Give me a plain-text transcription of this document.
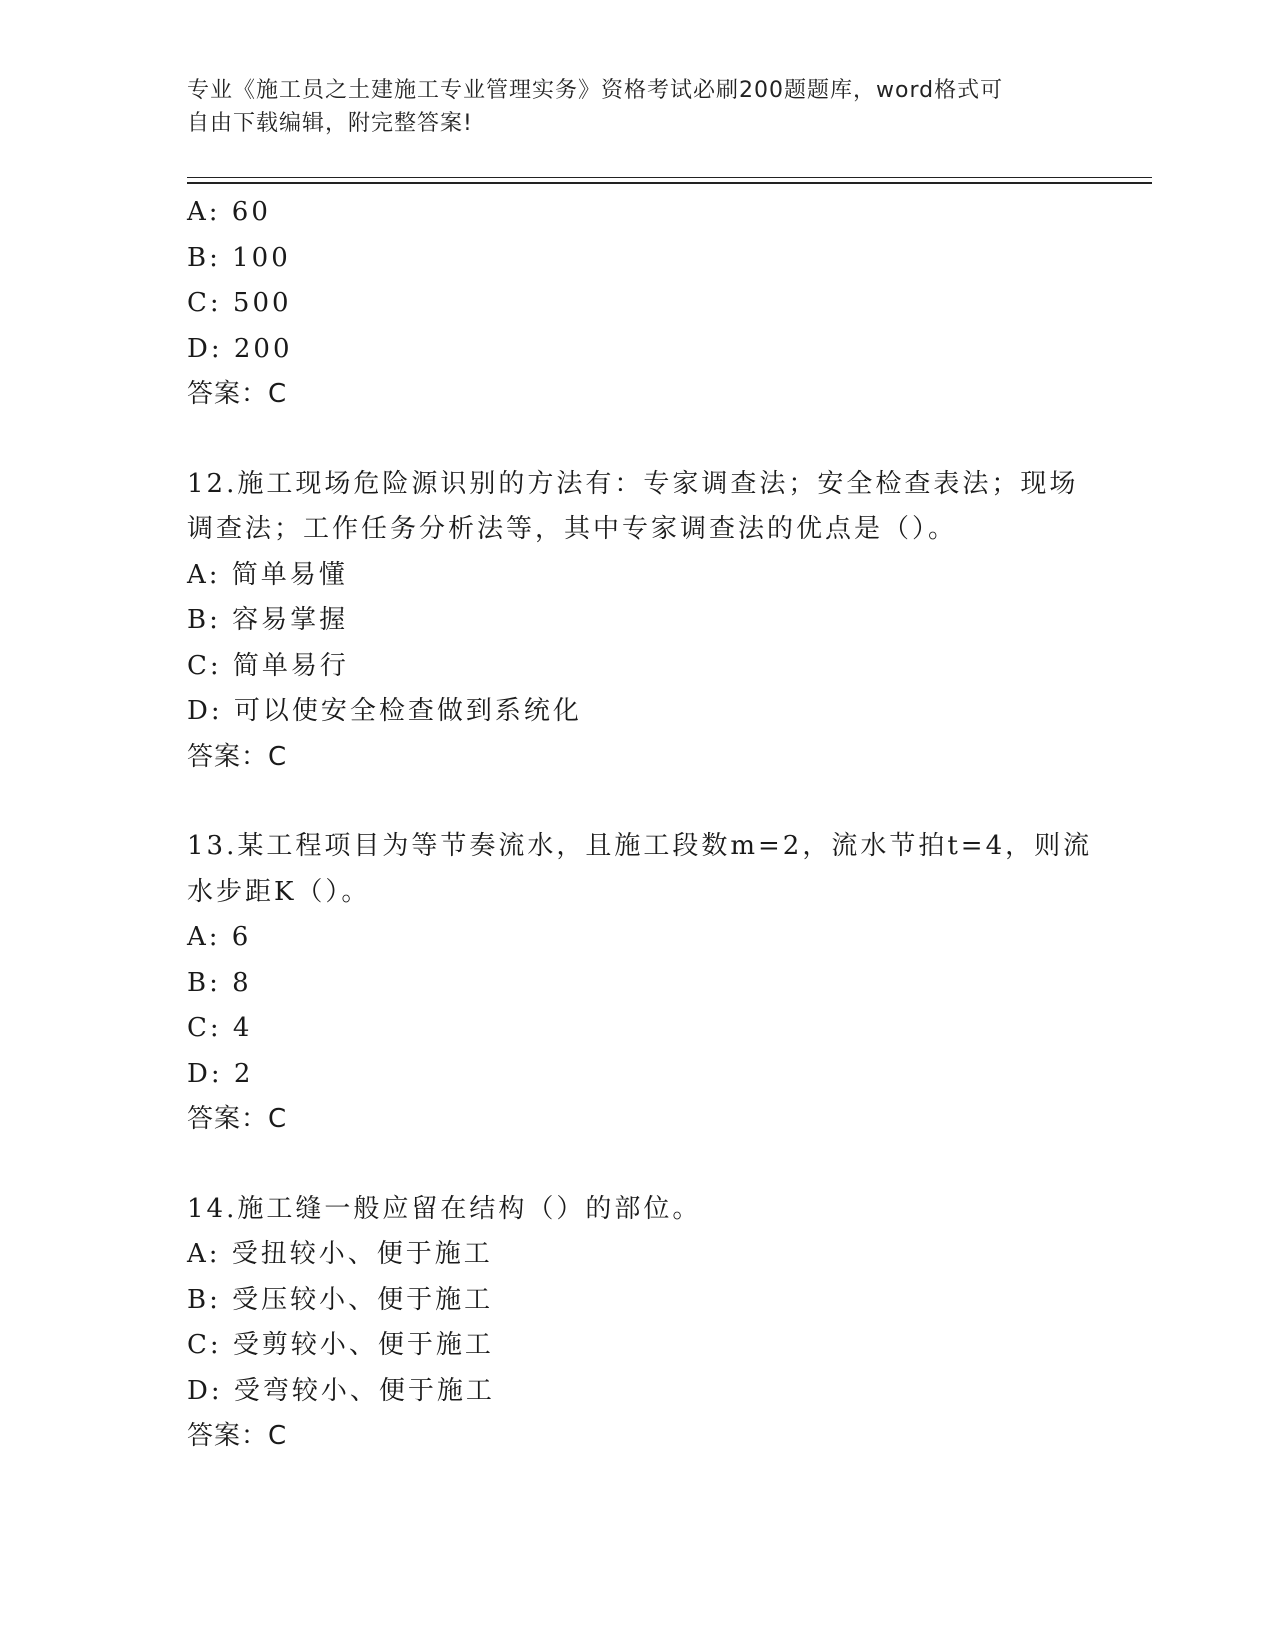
专业《施工员之土建施工专业管理实务》资格考试必刷200题题库，word格式可
自由下载编辑，附完整答案!
A: 60
B: 100
C: 500
D: 200
答案：C
12.施工现场危险源识别的方法有：专家调查法；安全检查表法；现场
调查法；工作任务分析法等，其中专家调查法的优点是（）。
A: 简单易懂
B: 容易掌握
C: 简单易行
D: 可以使安全检查做到系统化
答案：C
13.某工程项目为等节奏流水，且施工段数m=2，流水节拍t=4，则流
水步距K（）。
A: 6
B: 8
C: 4
D: 2
答案：C
14.施工缝一般应留在结构（）的部位。
A: 受扭较小、便于施工
B: 受压较小、便于施工
C: 受剪较小、便于施工
D: 受弯较小、便于施工
答案：C
